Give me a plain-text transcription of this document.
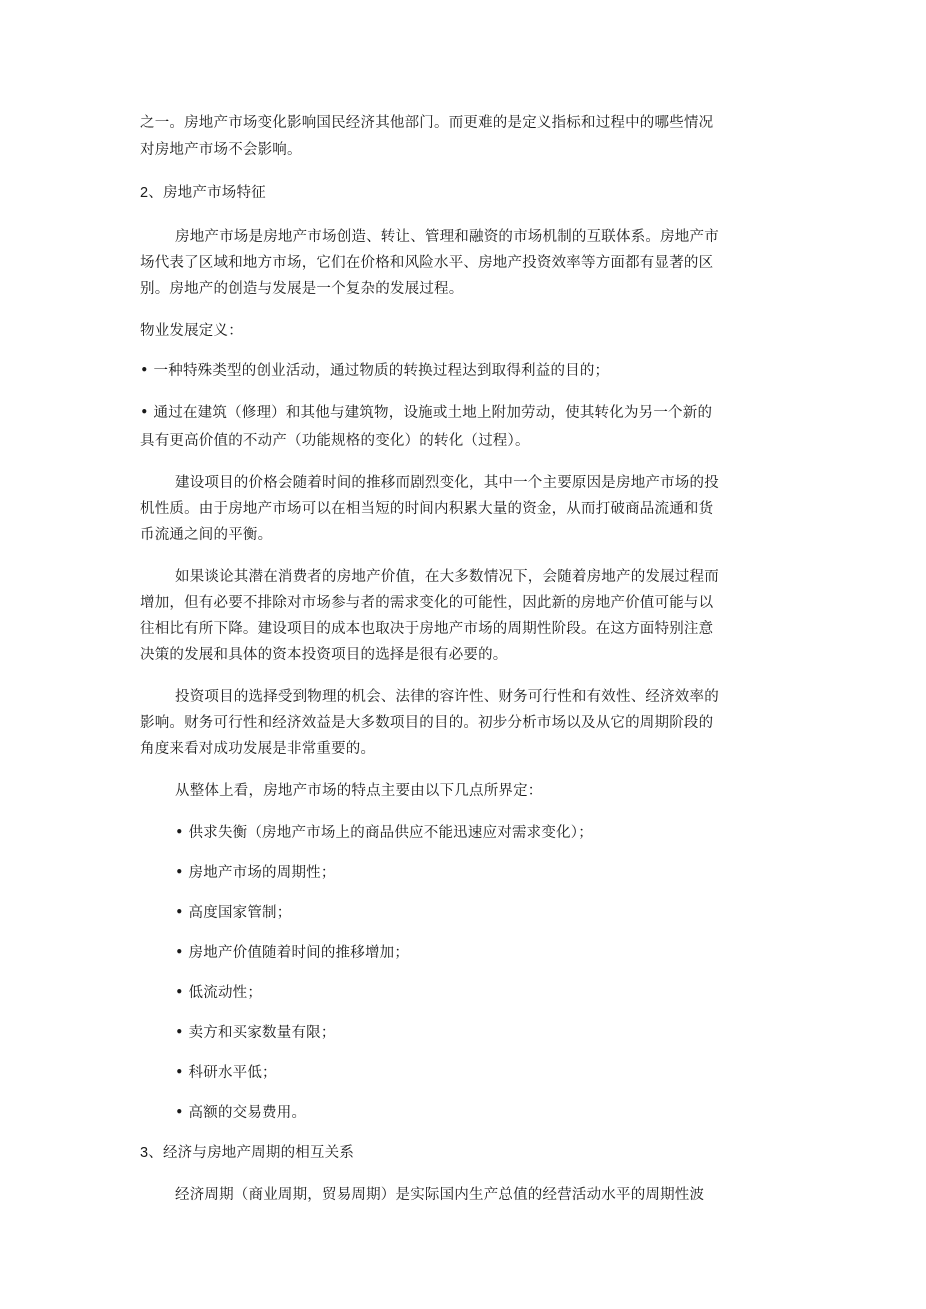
之一。房地产市场变化影响国民经济其他部门。而更难的是定义指标和过程中的哪些情况
对房地产市场不会影响。
2、房地产市场特征
房地产市场是房地产市场创造、转让、管理和融资的市场机制的互联体系。房地产市
场代表了区域和地方市场，它们在价格和风险水平、房地产投资效率等方面都有显著的区
别。房地产的创造与发展是一个复杂的发展过程。
物业发展定义：
• 一种特殊类型的创业活动，通过物质的转换过程达到取得利益的目的；
• 通过在建筑（修理）和其他与建筑物，设施或土地上附加劳动，使其转化为另一个新的
具有更高价值的不动产（功能规格的变化）的转化（过程）。
建设项目的价格会随着时间的推移而剧烈变化，其中一个主要原因是房地产市场的投
机性质。由于房地产市场可以在相当短的时间内积累大量的资金，从而打破商品流通和货
币流通之间的平衡。
如果谈论其潜在消费者的房地产价值，在大多数情况下，会随着房地产的发展过程而
增加，但有必要不排除对市场参与者的需求变化的可能性，因此新的房地产价值可能与以
往相比有所下降。建设项目的成本也取决于房地产市场的周期性阶段。在这方面特别注意
决策的发展和具体的资本投资项目的选择是很有必要的。
投资项目的选择受到物理的机会、法律的容许性、财务可行性和有效性、经济效率的
影响。财务可行性和经济效益是大多数项目的目的。初步分析市场以及从它的周期阶段的
角度来看对成功发展是非常重要的。
从整体上看，房地产市场的特点主要由以下几点所界定：
• 供求失衡（房地产市场上的商品供应不能迅速应对需求变化）；
• 房地产市场的周期性；
• 高度国家管制；
• 房地产价值随着时间的推移增加；
• 低流动性；
• 卖方和买家数量有限；
• 科研水平低；
• 高额的交易费用。
3、经济与房地产周期的相互关系
经济周期（商业周期，贸易周期）是实际国内生产总值的经营活动水平的周期性波
